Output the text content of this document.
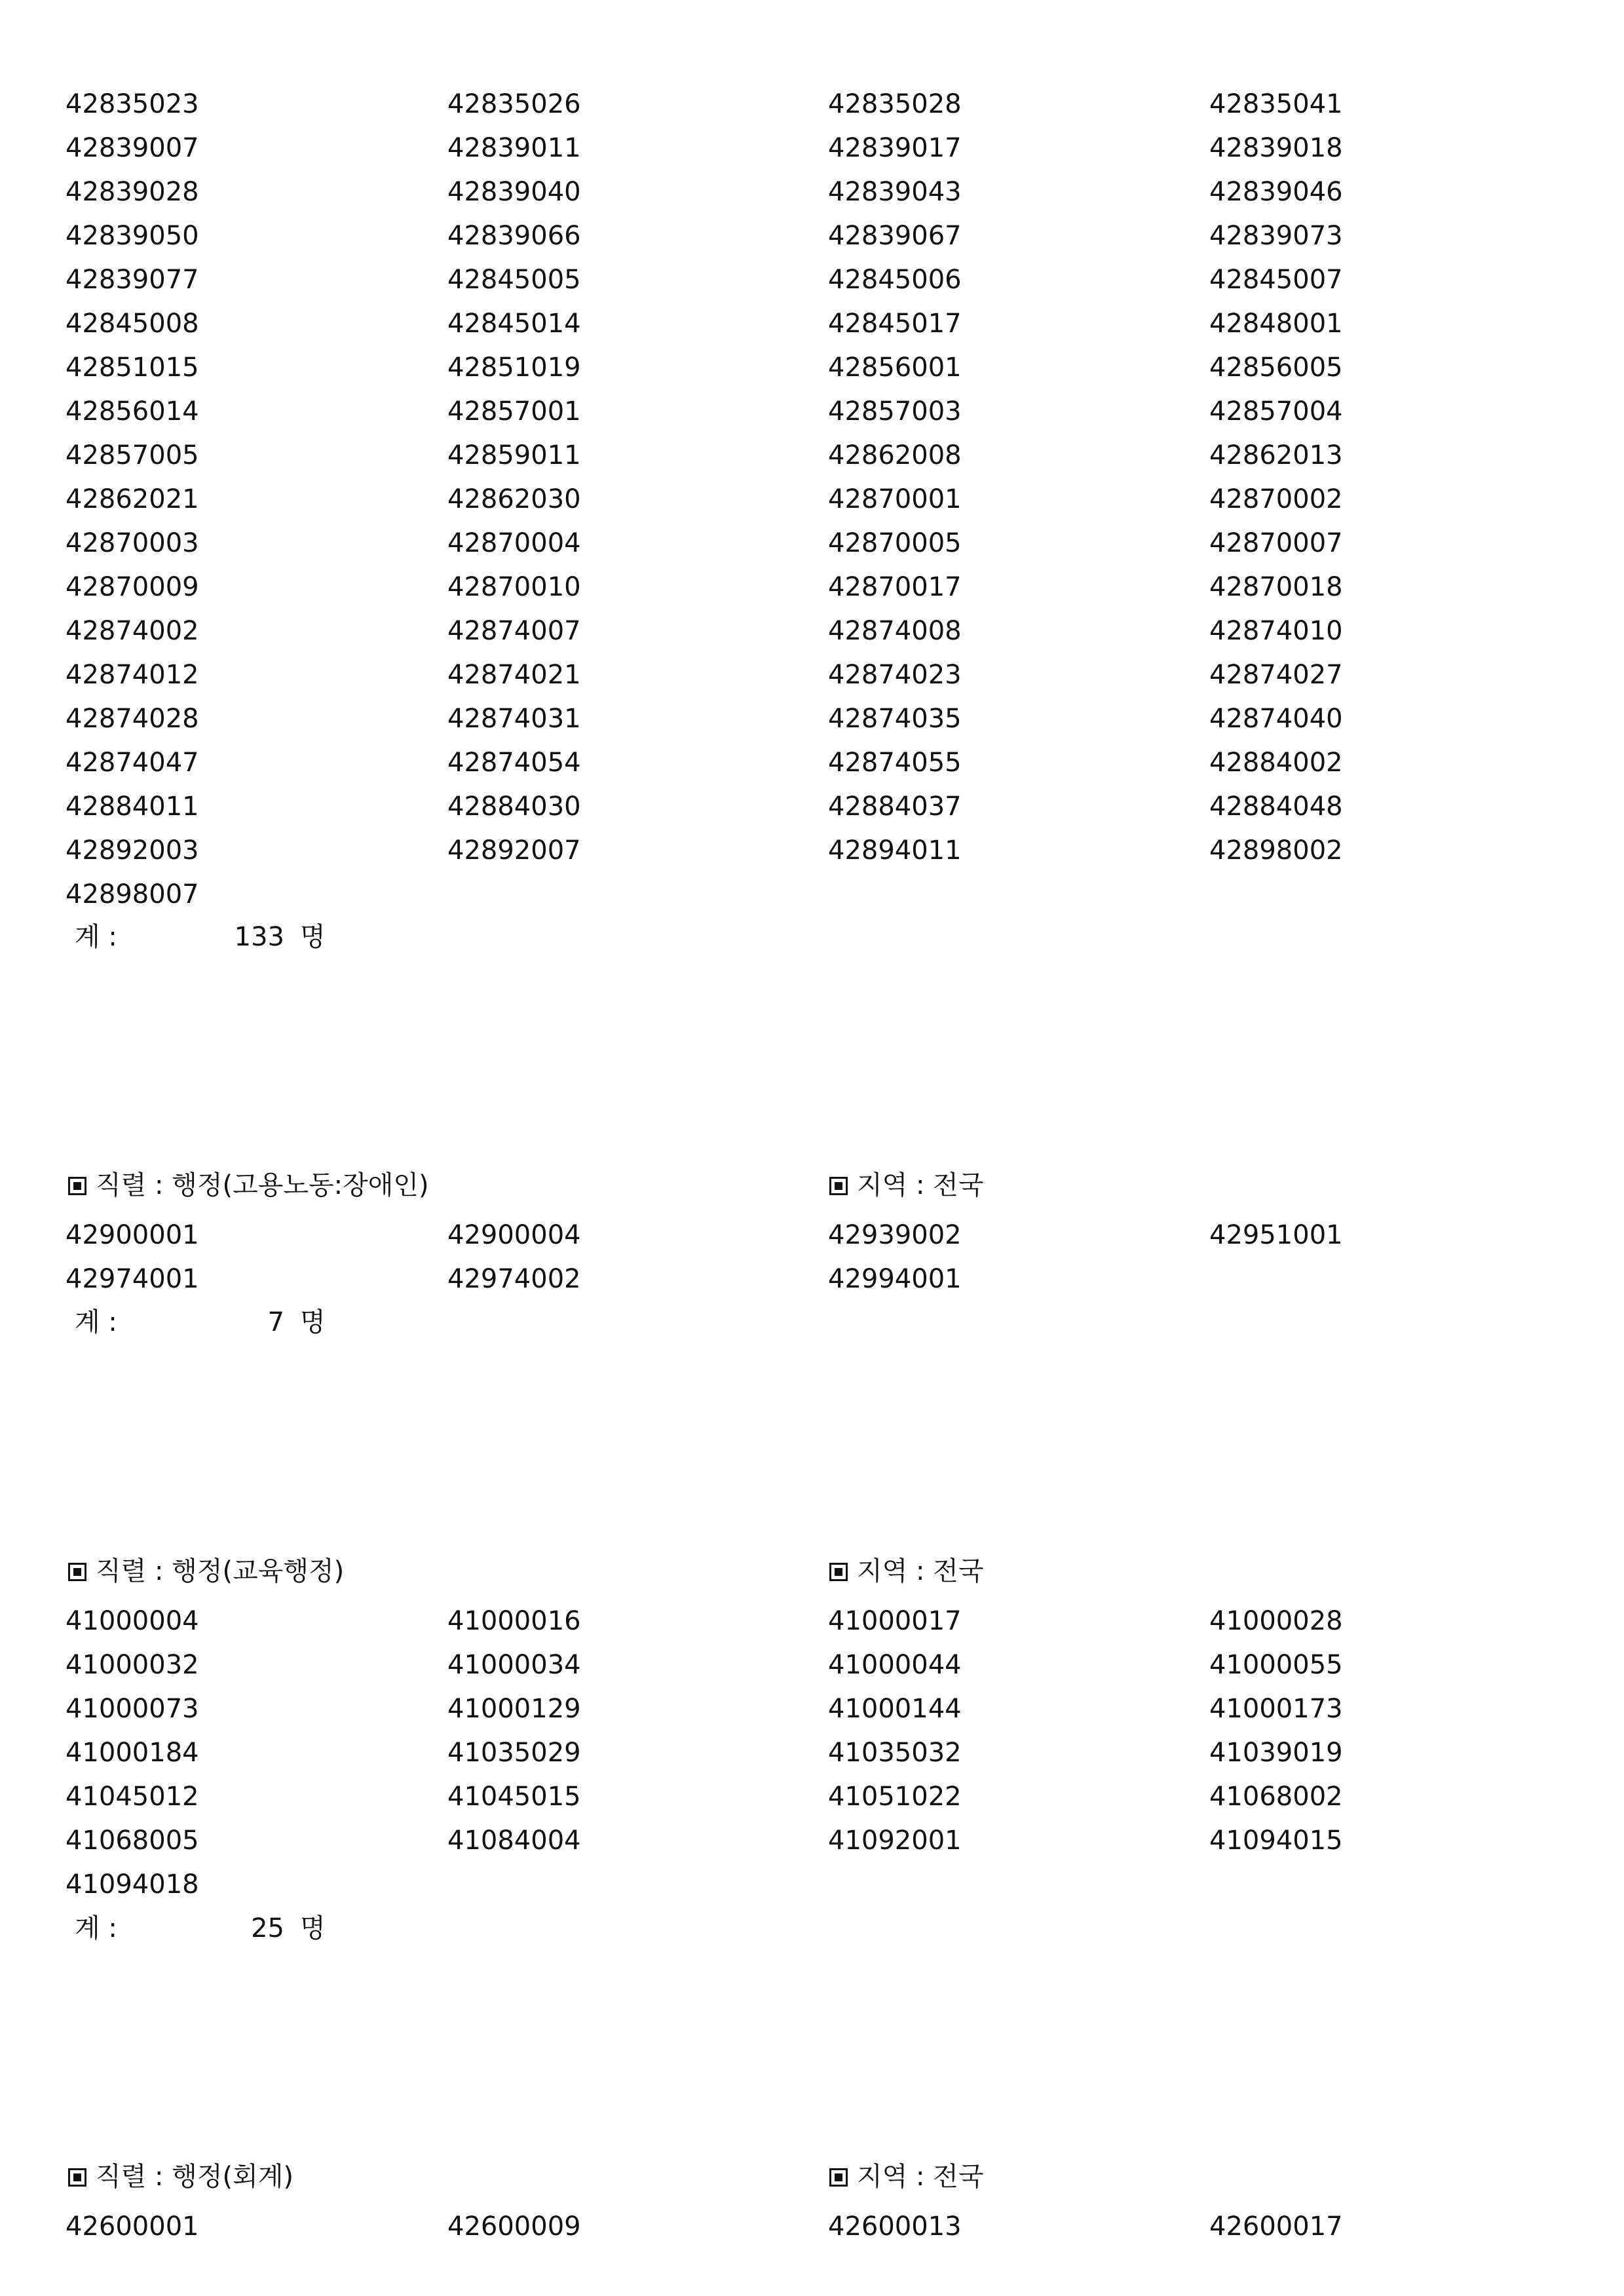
42835023	42835026	42835028	42835041
42839007	42839011	42839017	42839018
42839028	42839040	42839043	42839046
42839050	42839066	42839067	42839073
42839077	42845005	42845006	42845007
42845008	42845014	42845017	42848001
42851015	42851019	42856001	42856005
42856014	42857001	42857003	42857004
42857005	42859011	42862008	42862013
42862021	42862030	42870001	42870002
42870003	42870004	42870005	42870007
42870009	42870010	42870017	42870018
42874002	42874007	42874008	42874010
42874012	42874021	42874023	42874027
42874028	42874031	42874035	42874040
42874047	42874054	42874055	42884002
42884011	42884030	42884037	42884048
42892003	42892007	42894011	42898002
42898007
계 :	133 명
직렬 : 행정(고용노동:장애인)	지역 : 전국
42900001	42900004	42939002	42951001
42974001	42974002	42994001
계 :	7 명
직렬 : 행정(교육행정)	지역 : 전국
41000004	41000016	41000017	41000028
41000032	41000034	41000044	41000055
41000073	41000129	41000144	41000173
41000184	41035029	41035032	41039019
41045012	41045015	41051022	41068002
41068005	41084004	41092001	41094015
41094018
계 :	25 명
직렬 : 행정(회계)	지역 : 전국
42600001	42600009	42600013	42600017
